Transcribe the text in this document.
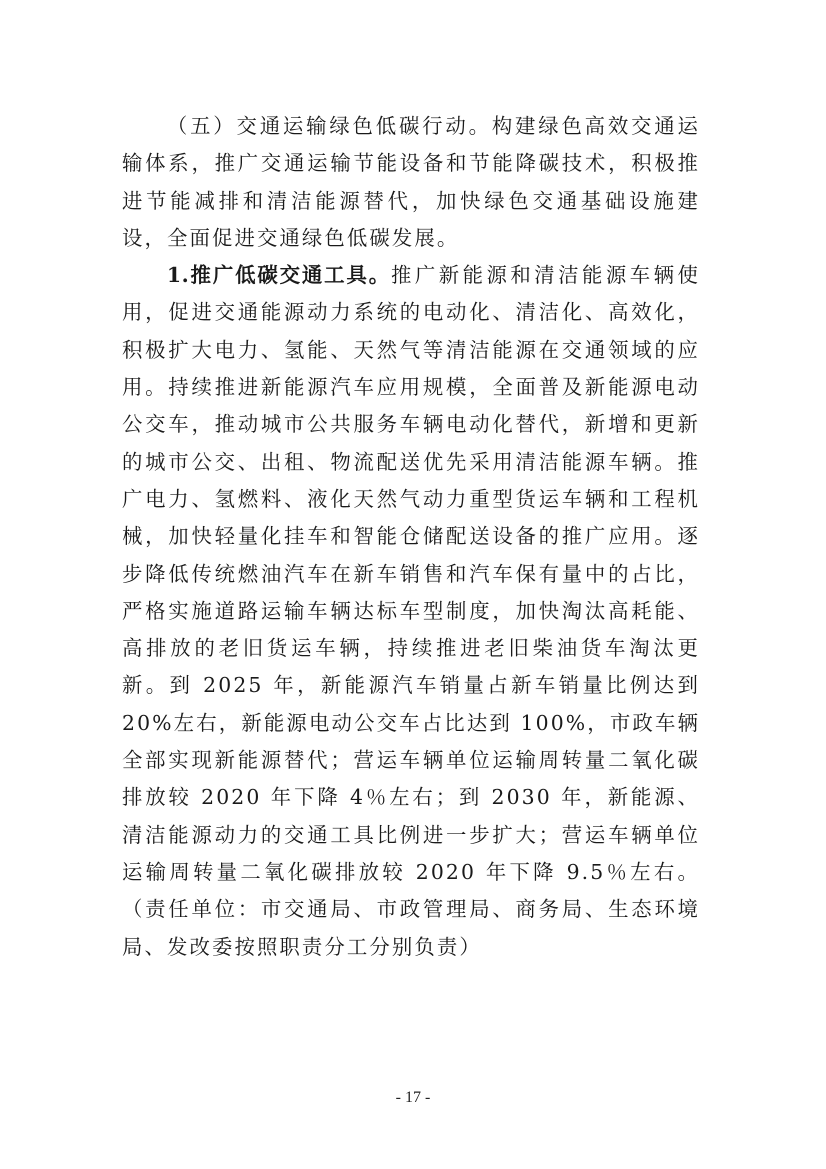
（五）交通运输绿色低碳行动。构建绿色高效交通运输体系，推广交通运输节能设备和节能降碳技术，积极推进节能减排和清洁能源替代，加快绿色交通基础设施建设，全面促进交通绿色低碳发展。

1.推广低碳交通工具。推广新能源和清洁能源车辆使用，促进交通能源动力系统的电动化、清洁化、高效化，积极扩大电力、氢能、天然气等清洁能源在交通领域的应用。持续推进新能源汽车应用规模，全面普及新能源电动公交车，推动城市公共服务车辆电动化替代，新增和更新的城市公交、出租、物流配送优先采用清洁能源车辆。推广电力、氢燃料、液化天然气动力重型货运车辆和工程机械，加快轻量化挂车和智能仓储配送设备的推广应用。逐步降低传统燃油汽车在新车销售和汽车保有量中的占比，严格实施道路运输车辆达标车型制度，加快淘汰高耗能、高排放的老旧货运车辆，持续推进老旧柴油货车淘汰更新。到 2025 年，新能源汽车销量占新车销量比例达到 20%左右，新能源电动公交车占比达到 100%，市政车辆全部实现新能源替代；营运车辆单位运输周转量二氧化碳排放较 2020 年下降 4％左右；到 2030 年，新能源、清洁能源动力的交通工具比例进一步扩大；营运车辆单位运输周转量二氧化碳排放较 2020 年下降 9.5％左右。（责任单位：市交通局、市政管理局、商务局、生态环境局、发改委按照职责分工分别负责）

- 17 -
